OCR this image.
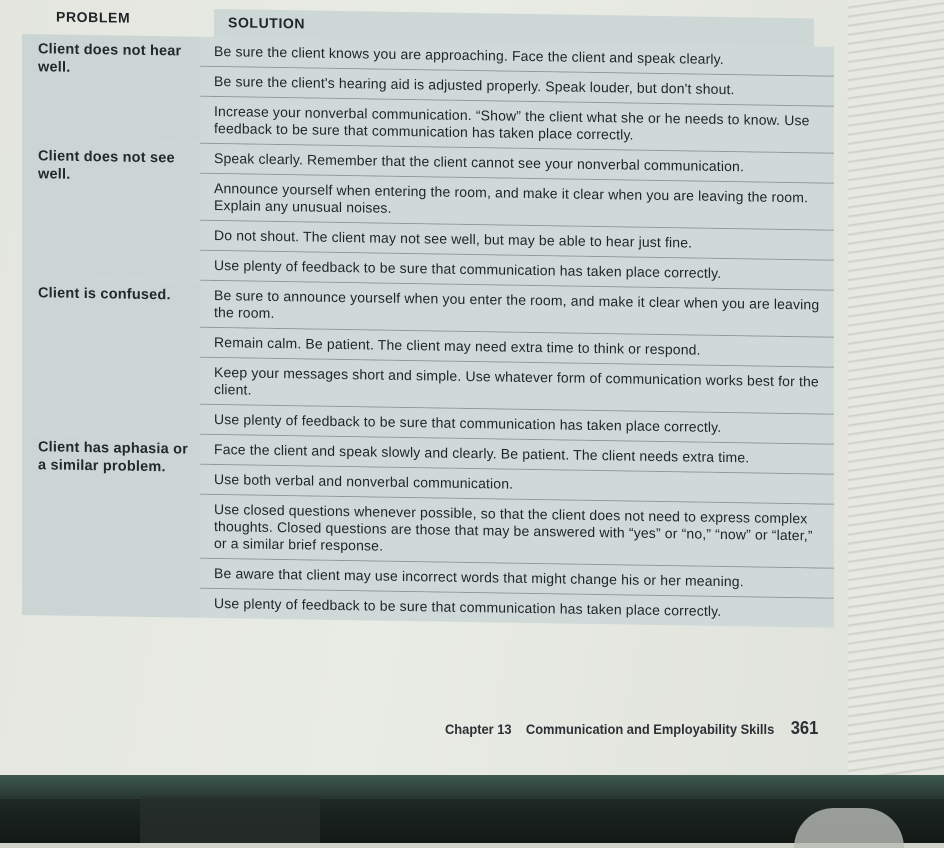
PROBLEM	SOLUTION
Client does not hear well.
Be sure the client knows you are approaching. Face the client and speak clearly.
Be sure the client's hearing aid is adjusted properly. Speak louder, but don't shout.
Increase your nonverbal communication. “Show” the client what she or he needs to know. Use feedback to be sure that communication has taken place correctly.
Client does not see well.
Speak clearly. Remember that the client cannot see your nonverbal communication.
Announce yourself when entering the room, and make it clear when you are leaving the room. Explain any unusual noises.
Do not shout. The client may not see well, but may be able to hear just fine.
Use plenty of feedback to be sure that communication has taken place correctly.
Client is confused.	Be sure to announce yourself when you enter the room, and make it clear when you are leaving the room.
Remain calm. Be patient. The client may need extra time to think or respond.
Keep your messages short and simple. Use whatever form of communication works best for the client.
Use plenty of feedback to be sure that communication has taken place correctly.
Client has aphasia or a similar problem.
Face the client and speak slowly and clearly. Be patient. The client needs extra time.
Use both verbal and nonverbal communication.
Use closed questions whenever possible, so that the client does not need to express complex thoughts. Closed questions are those that may be answered with “yes” or “no,” “now” or “later,” or a similar brief response.
Be aware that client may use incorrect words that might change his or her meaning.
Use plenty of feedback to be sure that communication has taken place correctly.
Chapter 13 Communication and Employability Skills 361
